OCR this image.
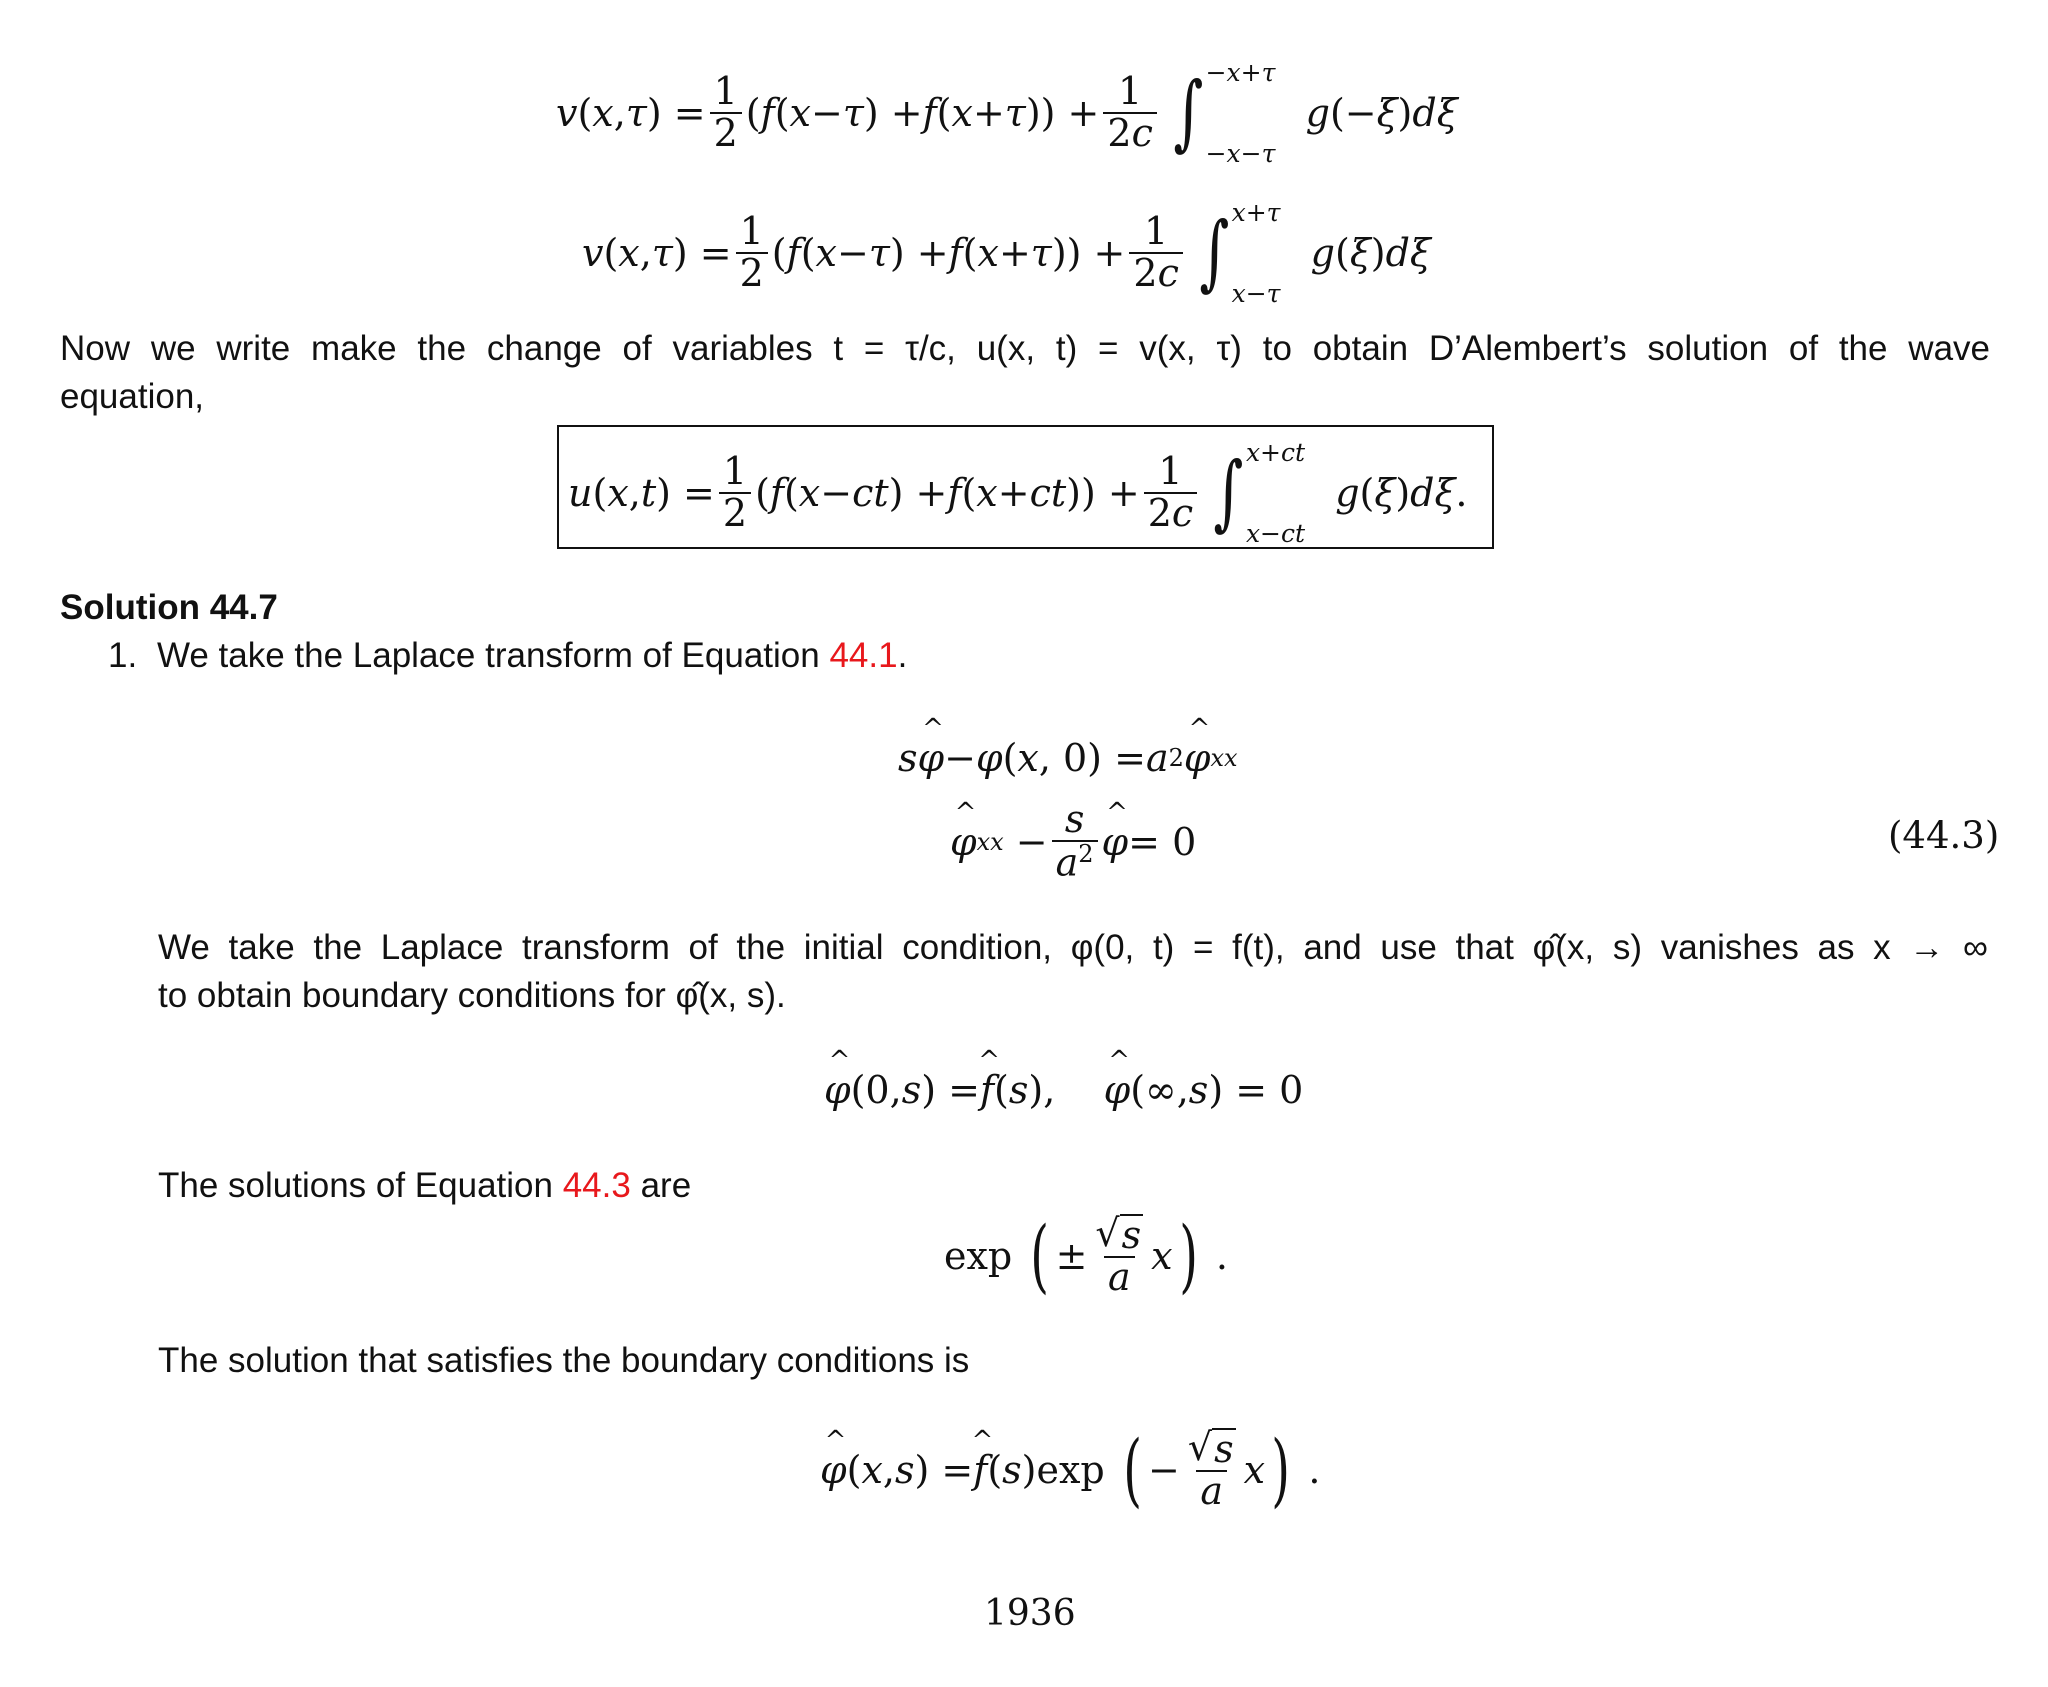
v ( x , τ ) = $\frac{1}{2}$ ( f ( x − τ ) + f ( x + τ )) + $\frac{1}{2c}$ ∫ −x+τ
−x−τ

g (− ξ ) dξ
v ( x , τ ) = $\frac{1}{2}$ ( f ( x − τ ) + f ( x + τ )) + $\frac{1}{2c}$ ∫ x+τ
x−τ

g ( ξ ) dξ
Now we write make the change of variables t = τ/c, u(x, t) = v(x, τ) to obtain D’Alembert’s solution of the wave
equation,
u ( x , t ) = $\frac{1}{2}$ ( f ( x − ct ) + f ( x + ct )) + $\frac{1}{2c}$ ∫ x+ct
x−ct

g ( ξ ) dξ .
Solution 44.7
1. We take the Laplace transform of Equation 44.1.
s ^ φ − φ ( x , 0) = a 2 ^ φ xx
^ φ xx − $\frac{s}{a^2}$ ^ φ = 0	(44.3)
We take the Laplace transform of the initial condition, φ(0, t) = f(t), and use that φ̂(x, s) vanishes as x → ∞
to obtain boundary conditions for φ̂(x, s).
^ φ (0, s ) = ^ f ( s ), ^ φ (∞, s ) = 0
The solutions of Equation 44.3 are
exp
( ± $\frac{√ s}{a}$ x ) .
The solution that satisfies the boundary conditions is
^ φ ( x , s ) = ^ f ( s ) exp
( − $\frac{√ s}{a}$ x ) .
1936
